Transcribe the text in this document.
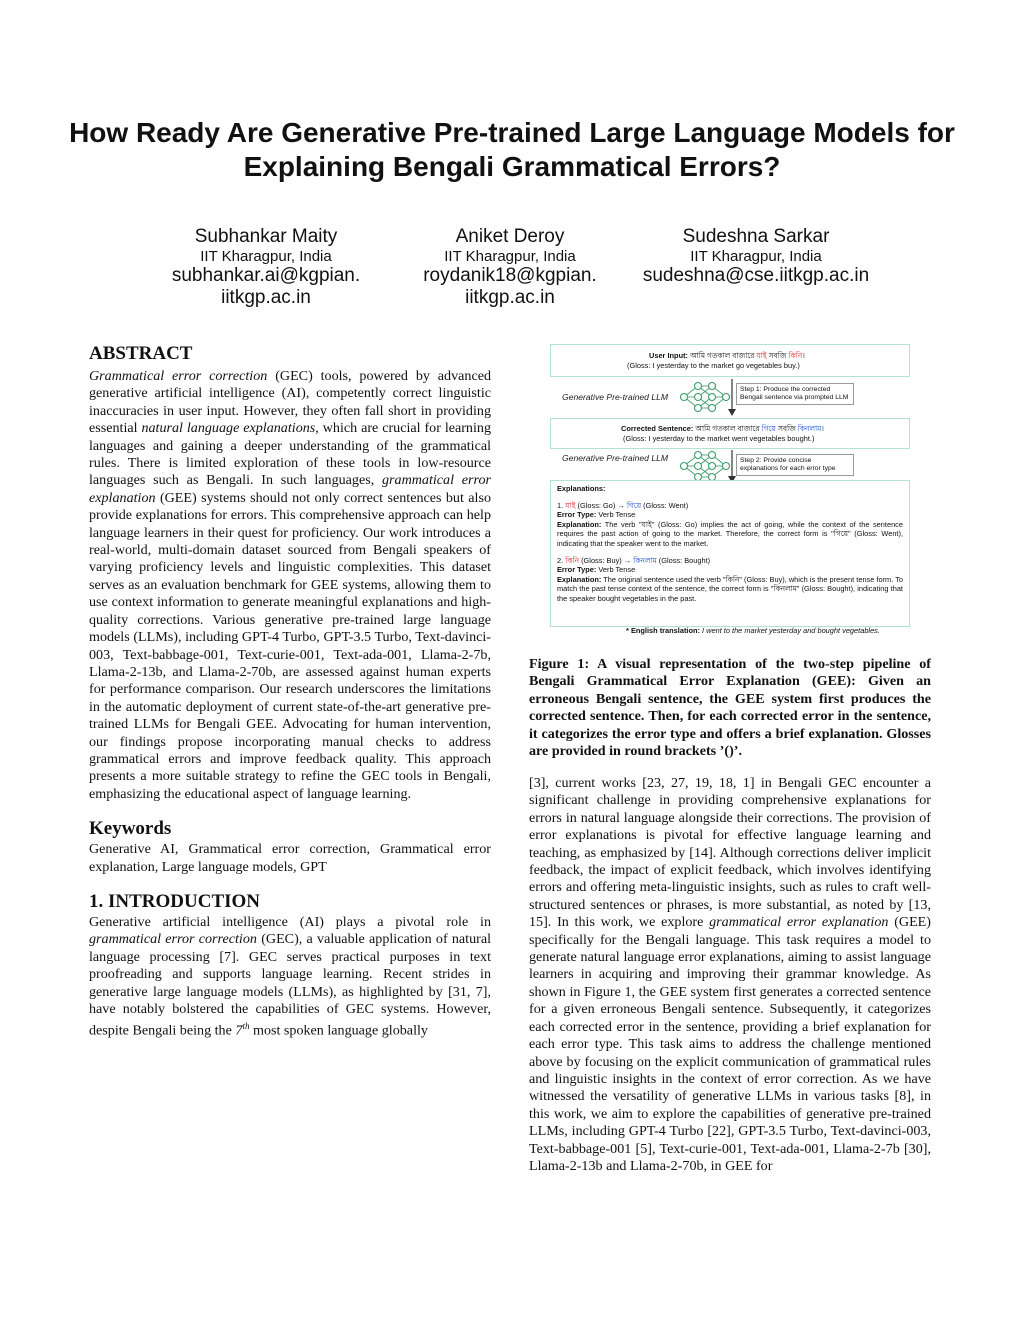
How Ready Are Generative Pre-trained Large Language Models for Explaining Bengali Grammatical Errors?
Subhankar Maity
IIT Kharagpur, India
subhankar.ai@kgpian.
iitkgp.ac.in
Aniket Deroy
IIT Kharagpur, India
roydanik18@kgpian.
iitkgp.ac.in
Sudeshna Sarkar
IIT Kharagpur, India
sudeshna@cse.iitkgp.ac.in
ABSTRACT

Grammatical error correction (GEC) tools, powered by advanced generative artificial intelligence (AI), competently correct linguistic inaccuracies in user input. However, they often fall short in providing essential natural language explanations, which are crucial for learning languages and gaining a deeper understanding of the grammatical rules. There is limited exploration of these tools in low-resource languages such as Bengali. In such languages, grammatical error explanation (GEE) systems should not only correct sentences but also provide explanations for errors. This comprehensive approach can help language learners in their quest for proficiency. Our work introduces a real-world, multi-domain dataset sourced from Bengali speakers of varying proficiency levels and linguistic complexities. This dataset serves as an evaluation benchmark for GEE systems, allowing them to use context information to generate meaningful explanations and high-quality corrections. Various generative pre-trained large language models (LLMs), including GPT-4 Turbo, GPT-3.5 Turbo, Text-davinci-003, Text-babbage-001, Text-curie-001, Text-ada-001, Llama-2-7b, Llama-2-13b, and Llama-2-70b, are assessed against human experts for performance comparison. Our research underscores the limitations in the automatic deployment of current state-of-the-art generative pre-trained LLMs for Bengali GEE. Advocating for human intervention, our findings propose incorporating manual checks to address grammatical errors and improve feedback quality. This approach presents a more suitable strategy to refine the GEC tools in Bengali, emphasizing the educational aspect of language learning.

Keywords

Generative AI, Grammatical error correction, Grammatical error explanation, Large language models, GPT

1. INTRODUCTION

Generative artificial intelligence (AI) plays a pivotal role in grammatical error correction (GEC), a valuable application of natural language processing [7]. GEC serves practical purposes in text proofreading and supports language learning. Recent strides in generative large language models (LLMs), as highlighted by [31, 7], have notably bolstered the capabilities of GEC systems. However, despite Bengali being the 7th most spoken language globally

User Input: আমি গতকাল বাজারে যাই সবজি কিনি।
(Gloss: I yesterday to the market go vegetables buy.)
Generative Pre-trained LLM
Step 1: Produce the corrected Bengali sentence via prompted LLM
Corrected Sentence: আমি গতকাল বাজারে গিয়ে সবজি কিনলাম।
(Gloss: I yesterday to the market went vegetables bought.)
Generative Pre-trained LLM	Step 2: Provide concise explanations for each error type
Explanations:
1. যাই (Gloss: Go) → গিয়ে (Gloss: Went)
Error Type: Verb Tense
Explanation: The verb "যাই" (Gloss: Go) implies the act of going, while the context of the sentence requires the past action of going to the market. Therefore, the correct form is "গিয়ে" (Gloss: Went), indicating that the speaker went to the market.
2. কিনি (Gloss: Buy) → কিনলাম (Gloss: Bought)
Error Type: Verb Tense
Explanation: The original sentence used the verb "কিনি" (Gloss: Buy), which is the present tense form. To match the past tense context of the sentence, the correct form is "কিনলাম" (Gloss: Bought), indicating that the speaker bought vegetables in the past.
* English translation: I went to the market yesterday and bought vegetables.
Figure 1: A visual representation of the two-step pipeline of Bengali Grammatical Error Explanation (GEE): Given an erroneous Bengali sentence, the GEE system first produces the corrected sentence. Then, for each corrected error in the sentence, it categorizes the error type and offers a brief explanation. Glosses are provided in round brackets ’()’.

[3], current works [23, 27, 19, 18, 1] in Bengali GEC encounter a significant challenge in providing comprehensive explanations for errors in natural language alongside their corrections. The provision of error explanations is pivotal for effective language learning and teaching, as emphasized by [14]. Although corrections deliver implicit feedback, the impact of explicit feedback, which involves identifying errors and offering meta-linguistic insights, such as rules to craft well-structured sentences or phrases, is more substantial, as noted by [13, 15]. In this work, we explore grammatical error explanation (GEE) specifically for the Bengali language. This task requires a model to generate natural language error explanations, aiming to assist language learners in acquiring and improving their grammar knowledge. As shown in Figure 1, the GEE system first generates a corrected sentence for a given erroneous Bengali sentence. Subsequently, it categorizes each corrected error in the sentence, providing a brief explanation for each error type. This task aims to address the challenge mentioned above by focusing on the explicit communication of grammatical rules and linguistic insights in the context of error correction. As we have witnessed the versatility of generative LLMs in various tasks [8], in this work, we aim to explore the capabilities of generative pre-trained LLMs, including GPT-4 Turbo [22], GPT-3.5 Turbo, Text-davinci-003, Text-babbage-001 [5], Text-curie-001, Text-ada-001, Llama-2-7b [30], Llama-2-13b and Llama-2-70b, in GEE for
